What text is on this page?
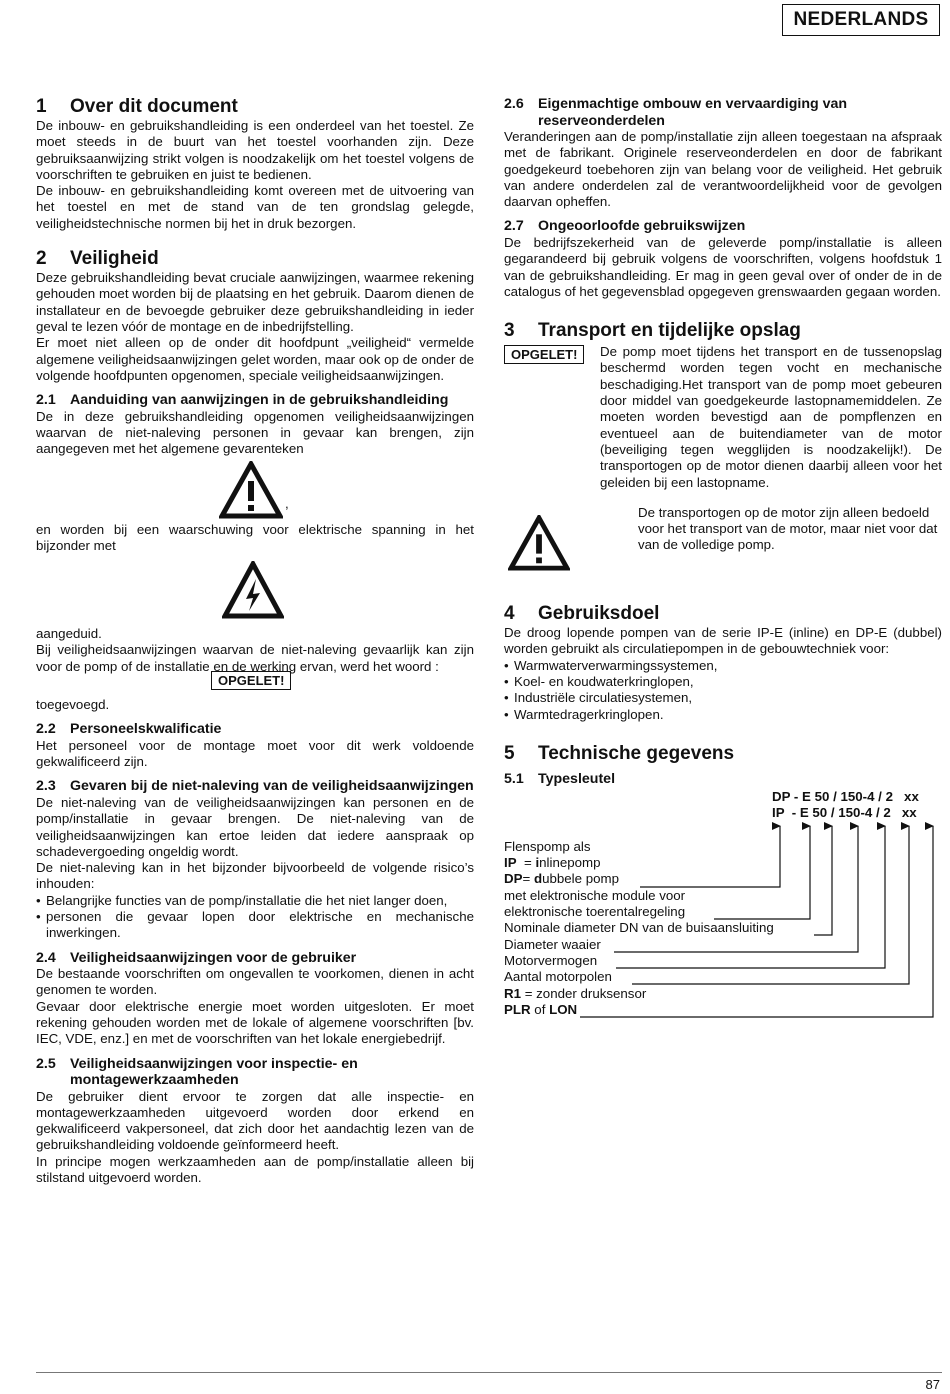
NEDERLANDS
1	Over dit document

De inbouw- en gebruikshandleiding is een onderdeel van het toestel. Ze moet steeds in de buurt van het toestel voorhanden zijn. Deze gebruiksaanwijzing strikt volgen is noodzakelijk om het toestel volgens de voorschriften te gebruiken en juist te bedienen.

De inbouw- en gebruikshandleiding komt overeen met de uitvoering van het toestel en met de stand van de ten grondslag gelegde, veiligheidstechnische normen bij het in druk bezorgen.

2	Veiligheid

Deze gebruikshandleiding bevat cruciale aanwijzingen, waarmee rekening gehouden moet worden bij de plaatsing en het gebruik. Daarom dienen de installateur en de bevoegde gebruiker deze gebruikshandleiding in ieder geval te lezen vóór de montage en de inbedrijfstelling.

Er moet niet alleen op de onder dit hoofdpunt „veiligheid“ vermelde algemene veiligheidsaanwijzingen gelet worden, maar ook op de onder de volgende hoofdpunten opgenomen, speciale veiligheidsaanwijzingen.

2.1	Aanduiding van aanwijzingen in de gebruikshandleiding

De in deze gebruikshandleiding opgenomen veiligheidsaanwijzingen waarvan de niet-naleving personen in gevaar kan brengen, zijn aangegeven met het algemene gevarenteken

,

en worden bij een waarschuwing voor elektrische spanning in het bijzonder met

aangeduid.

Bij veiligheidsaanwijzingen waarvan de niet-naleving gevaarlijk kan zijn voor de pomp of de installatie en de werking ervan, werd het woord :

OPGELET!

toegevoegd.

2.2	Personeelskwalificatie

Het personeel voor de montage moet voor dit werk voldoende gekwalificeerd zijn.

2.3	Gevaren bij de niet-naleving van de veiligheidsaanwijzingen

De niet-naleving van de veiligheidsaanwijzingen kan personen en de pomp/installatie in gevaar brengen. De niet-naleving van de veiligheidsaanwijzingen kan ertoe leiden dat iedere aanspraak op schadevergoeding ongeldig wordt.

De niet-naleving kan in het bijzonder bijvoorbeeld de volgende risico’s inhouden:

• Belangrijke functies van de pomp/installatie die het niet langer doen,
• personen die gevaar lopen door elektrische en mechanische inwerkingen.
2.4	Veiligheidsaanwijzingen voor de gebruiker

De bestaande voorschriften om ongevallen te voorkomen, dienen in acht genomen te worden.

Gevaar door elektrische energie moet worden uitgesloten. Er moet rekening gehouden worden met de lokale of algemene voorschriften [bv. IEC, VDE, enz.] en met de voorschriften van het lokale energiebedrijf.

2.5	Veiligheidsaanwijzingen voor inspectie- en montagewerkzaamheden

De gebruiker dient ervoor te zorgen dat alle inspectie- en montagewerkzaamheden uitgevoerd worden door erkend en gekwalificeerd vakpersoneel, dat zich door het aandachtig lezen van de gebruikshandleiding voldoende geïnformeerd heeft.

In principe mogen werkzaamheden aan de pomp/installatie alleen bij stilstand uitgevoerd worden.

2.6	Eigenmachtige ombouw en vervaardiging van reserveonderdelen

Veranderingen aan de pomp/installatie zijn alleen toegestaan na afspraak met de fabrikant. Originele reserveonderdelen en door de fabrikant goedgekeurd toebehoren zijn van belang voor de veiligheid. Het gebruik van andere onderdelen zal de verantwoordelijkheid voor de gevolgen daarvan opheffen.

2.7	Ongeoorloofde gebruikswijzen

De bedrijfszekerheid van de geleverde pomp/installatie is alleen gegarandeerd bij gebruik volgens de voorschriften, volgens hoofdstuk 1 van de gebruikshandleiding. Er mag in geen geval over of onder de in de catalogus of het gegevensblad opgegeven grenswaarden gegaan worden.

3	Transport en tijdelijke opslag
OPGELET!	De pomp moet tijdens het transport en de tussenopslag beschermd worden tegen vocht en mechanische beschadiging.Het transport van de pomp moet gebeuren door middel van goedgekeurde lastopnamemiddelen. Ze moeten worden bevestigd aan de pompflenzen en eventueel aan de buitendiameter van de motor (beveiliging tegen wegglijden is noodzakelijk!). De transportogen op de motor dienen daarbij alleen voor het geleiden bij een lastopname.

De transportogen op de motor zijn alleen bedoeld voor het transport van de motor, maar niet voor dat van de volledige pomp.

4	Gebruiksdoel

De droog lopende pompen van de serie IP-E (inline) en DP-E (dubbel) worden gebruikt als circulatiepompen in de gebouwtechniek voor:

• Warmwaterverwarmingssystemen,
• Koel- en koudwaterkringlopen,
• Industriële circulatiesystemen,
• Warmtedragerkringlopen.
5	Technische gegevens
5.1	Typesleutel
DP - E 50 / 150-4 / 2   xx
IP  - E 50 / 150-4 / 2   xx
Flenspomp als
IP  = inlinepomp
DP= dubbele pomp
met elektronische module voor
elektronische toerentalregeling
Nominale diameter DN van de buisaansluiting
Diameter waaier
Motorvermogen
Aantal motorpolen
R1 = zonder druksensor
PLR of LON
87
